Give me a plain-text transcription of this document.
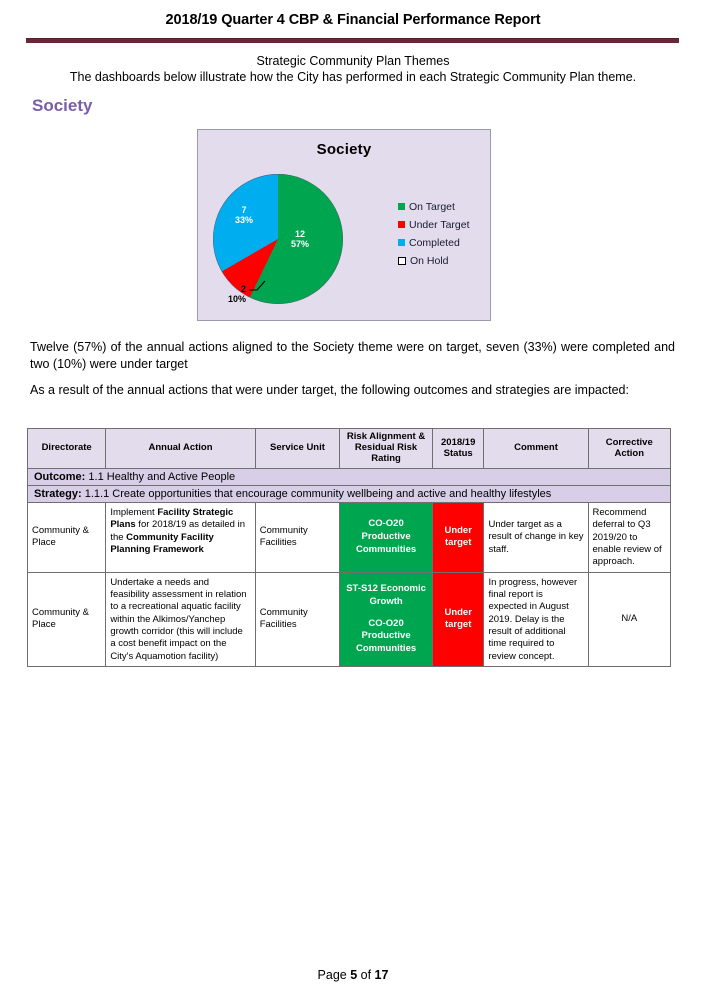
2018/19 Quarter 4 CBP & Financial Performance Report
Strategic Community Plan Themes
The dashboards below illustrate how the City has performed in each Strategic Community Plan theme.
Society
Society
12
57%
7
33%
2
10%
On Target
Under Target
Completed
On Hold
Twelve (57%) of the annual actions aligned to the Society theme were on target, seven (33%) were completed and two (10%) were under target
As a result of the annual actions that were under target, the following outcomes and strategies are impacted:
Directorate	Annual Action	Service Unit	Risk Alignment & Residual Risk Rating	2018/19 Status	Comment	Corrective Action
Outcome: 1.1 Healthy and Active People						
Strategy: 1.1.1 Create opportunities that encourage community wellbeing and active and healthy lifestyles						
Community & Place	Implement Facility Strategic Plans for 2018/19 as detailed in the Community Facility Planning Framework	Community Facilities	CO-O20
Productive
Communities	Under target	Under target as a result of change in key staff.	Recommend deferral to Q3 2019/20 to enable review of approach.
Community & Place	Undertake a needs and feasibility assessment in relation to a recreational aquatic facility within the Alkimos/Yanchep growth corridor (this will include a cost benefit impact on the City's Aquamotion facility)	Community Facilities	
ST-S12 Economic
Growth
CO-O20
Productive
Communities
	Under target	In progress, however final report is expected in August 2019. Delay is the result of additional time required to review concept.	N/A
Page 5 of 17
